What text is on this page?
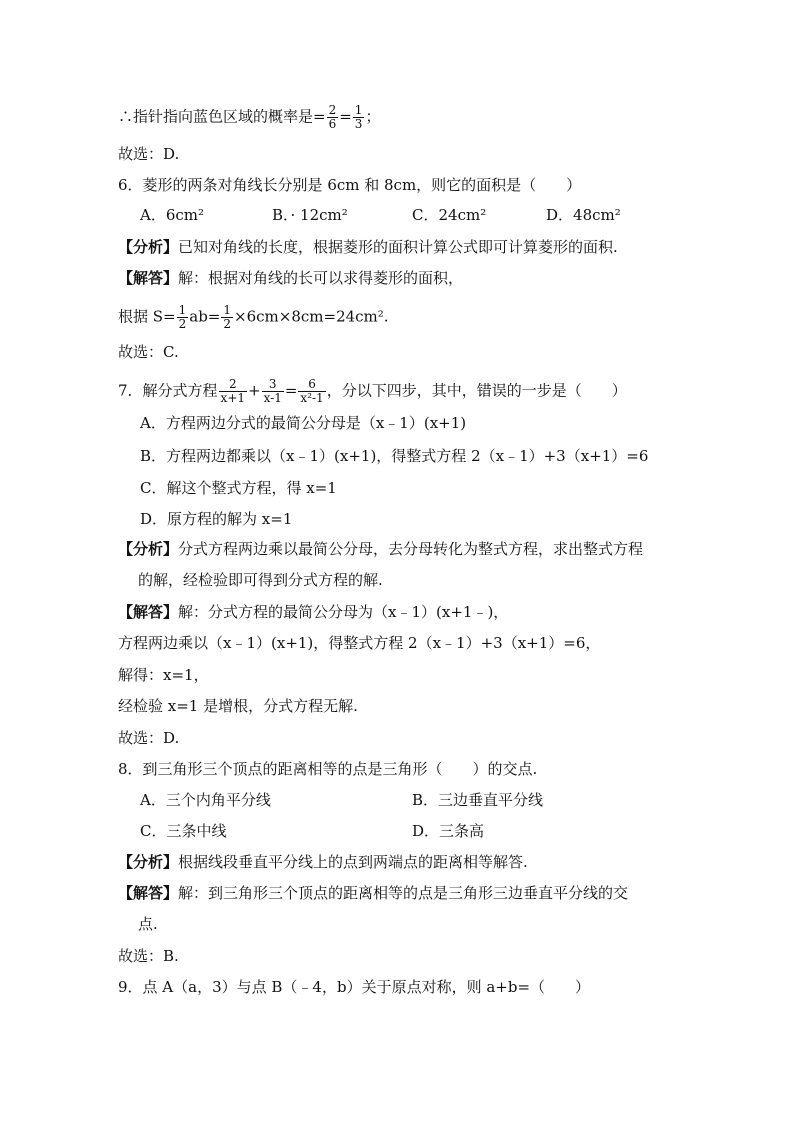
∴指针指向蓝色区域的概率是= $\frac{2}{6} = \frac{1}{3}$ ；
故选：D.
6．菱形的两条对角线长分别是 6cm 和 8cm，则它的面积是（　　）
A．6cm²	B．· 12cm²	C．24cm²	D．48cm²
【分析】已知对角线的长度，根据菱形的面积计算公式即可计算菱形的面积.
【解答】解：根据对角线的长可以求得菱形的面积，
根据 $S= \frac{1}{2} ab= \frac{1}{2} \times 6cm\times 8cm=24cm^2$.
故选：C.
7．解分式方程 $\frac{2}{x+1} + \frac{3}{x-1} = \frac{6}{\text{x²-1}}$ ，分以下四步，其中，错误的一步是（　　）
A．方程两边分式的最简公分母是（x﹣1）(x+1)
B．方程两边都乘以（x﹣1）(x+1)，得整式方程 2（x﹣1）+3（x+1）=6
C．解这个整式方程，得 x=1
D．原方程的解为 x=1
【分析】分式方程两边乘以最简公分母，去分母转化为整式方程，求出整式方程
的解，经检验即可得到分式方程的解.
【解答】解：分式方程的最简公分母为（x﹣1）(x+1﹣)，
方程两边乘以（x﹣1）(x+1)，得整式方程 2（x﹣1）+3（x+1）=6，
解得：x=1，
经检验 x=1 是增根，分式方程无解.
故选：D.
8．到三角形三个顶点的距离相等的点是三角形（　　）的交点.
A．三个内角平分线	B．三边垂直平分线
C．三条中线	D．三条高
【分析】根据线段垂直平分线上的点到两端点的距离相等解答.
【解答】解：到三角形三个顶点的距离相等的点是三角形三边垂直平分线的交
点.
故选：B.
9．点 A（a，3）与点 B（﹣4，b）关于原点对称，则 a+b=（　　）
